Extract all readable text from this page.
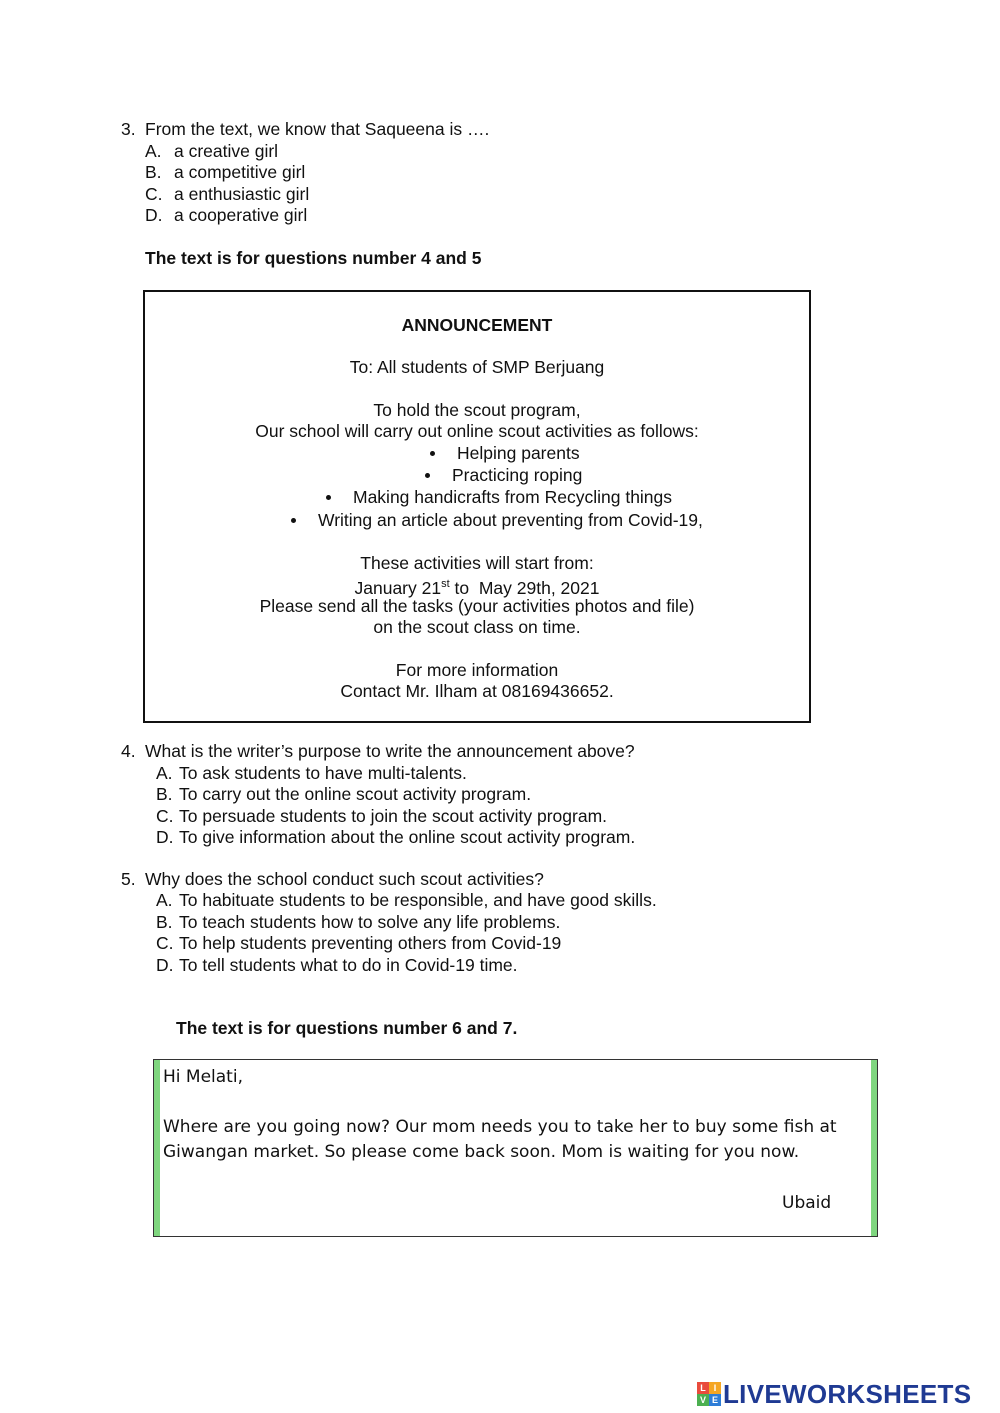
3. From the text, we know that Saqueena is ….
A. a creative girl
B. a competitive girl
C. a enthusiastic girl
D. a cooperative girl
The text is for questions number 4 and 5
ANNOUNCEMENT
To: All students of SMP Berjuang
To hold the scout program,
Our school will carry out online scout activities as follows:
Helping parents
Practicing roping
Making handicrafts from Recycling things
Writing an article about preventing from Covid-19,
These activities will start from:
January 21st to  May 29th, 2021
Please send all the tasks (your activities photos and file)
on the scout class on time.
For more information
Contact Mr. Ilham at 08169436652.
4. What is the writer’s purpose to write the announcement above?
A. To ask students to have multi-talents.
B. To carry out the online scout activity program.
C. To persuade students to join the scout activity program.
D. To give information about the online scout activity program.
5. Why does the school conduct such scout activities?
A. To habituate students to be responsible, and have good skills.
B. To teach students how to solve any life problems.
C. To help students preventing others from Covid-19
D. To tell students what to do in Covid-19 time.
The text is for questions number 6 and 7.
Hi Melati,
Where are you going now? Our mom needs you to take her to buy some fish at
Giwangan market. So please come back soon. Mom is waiting for you now.
Ubaid
L I
V E LIVEWORKSHEETS
